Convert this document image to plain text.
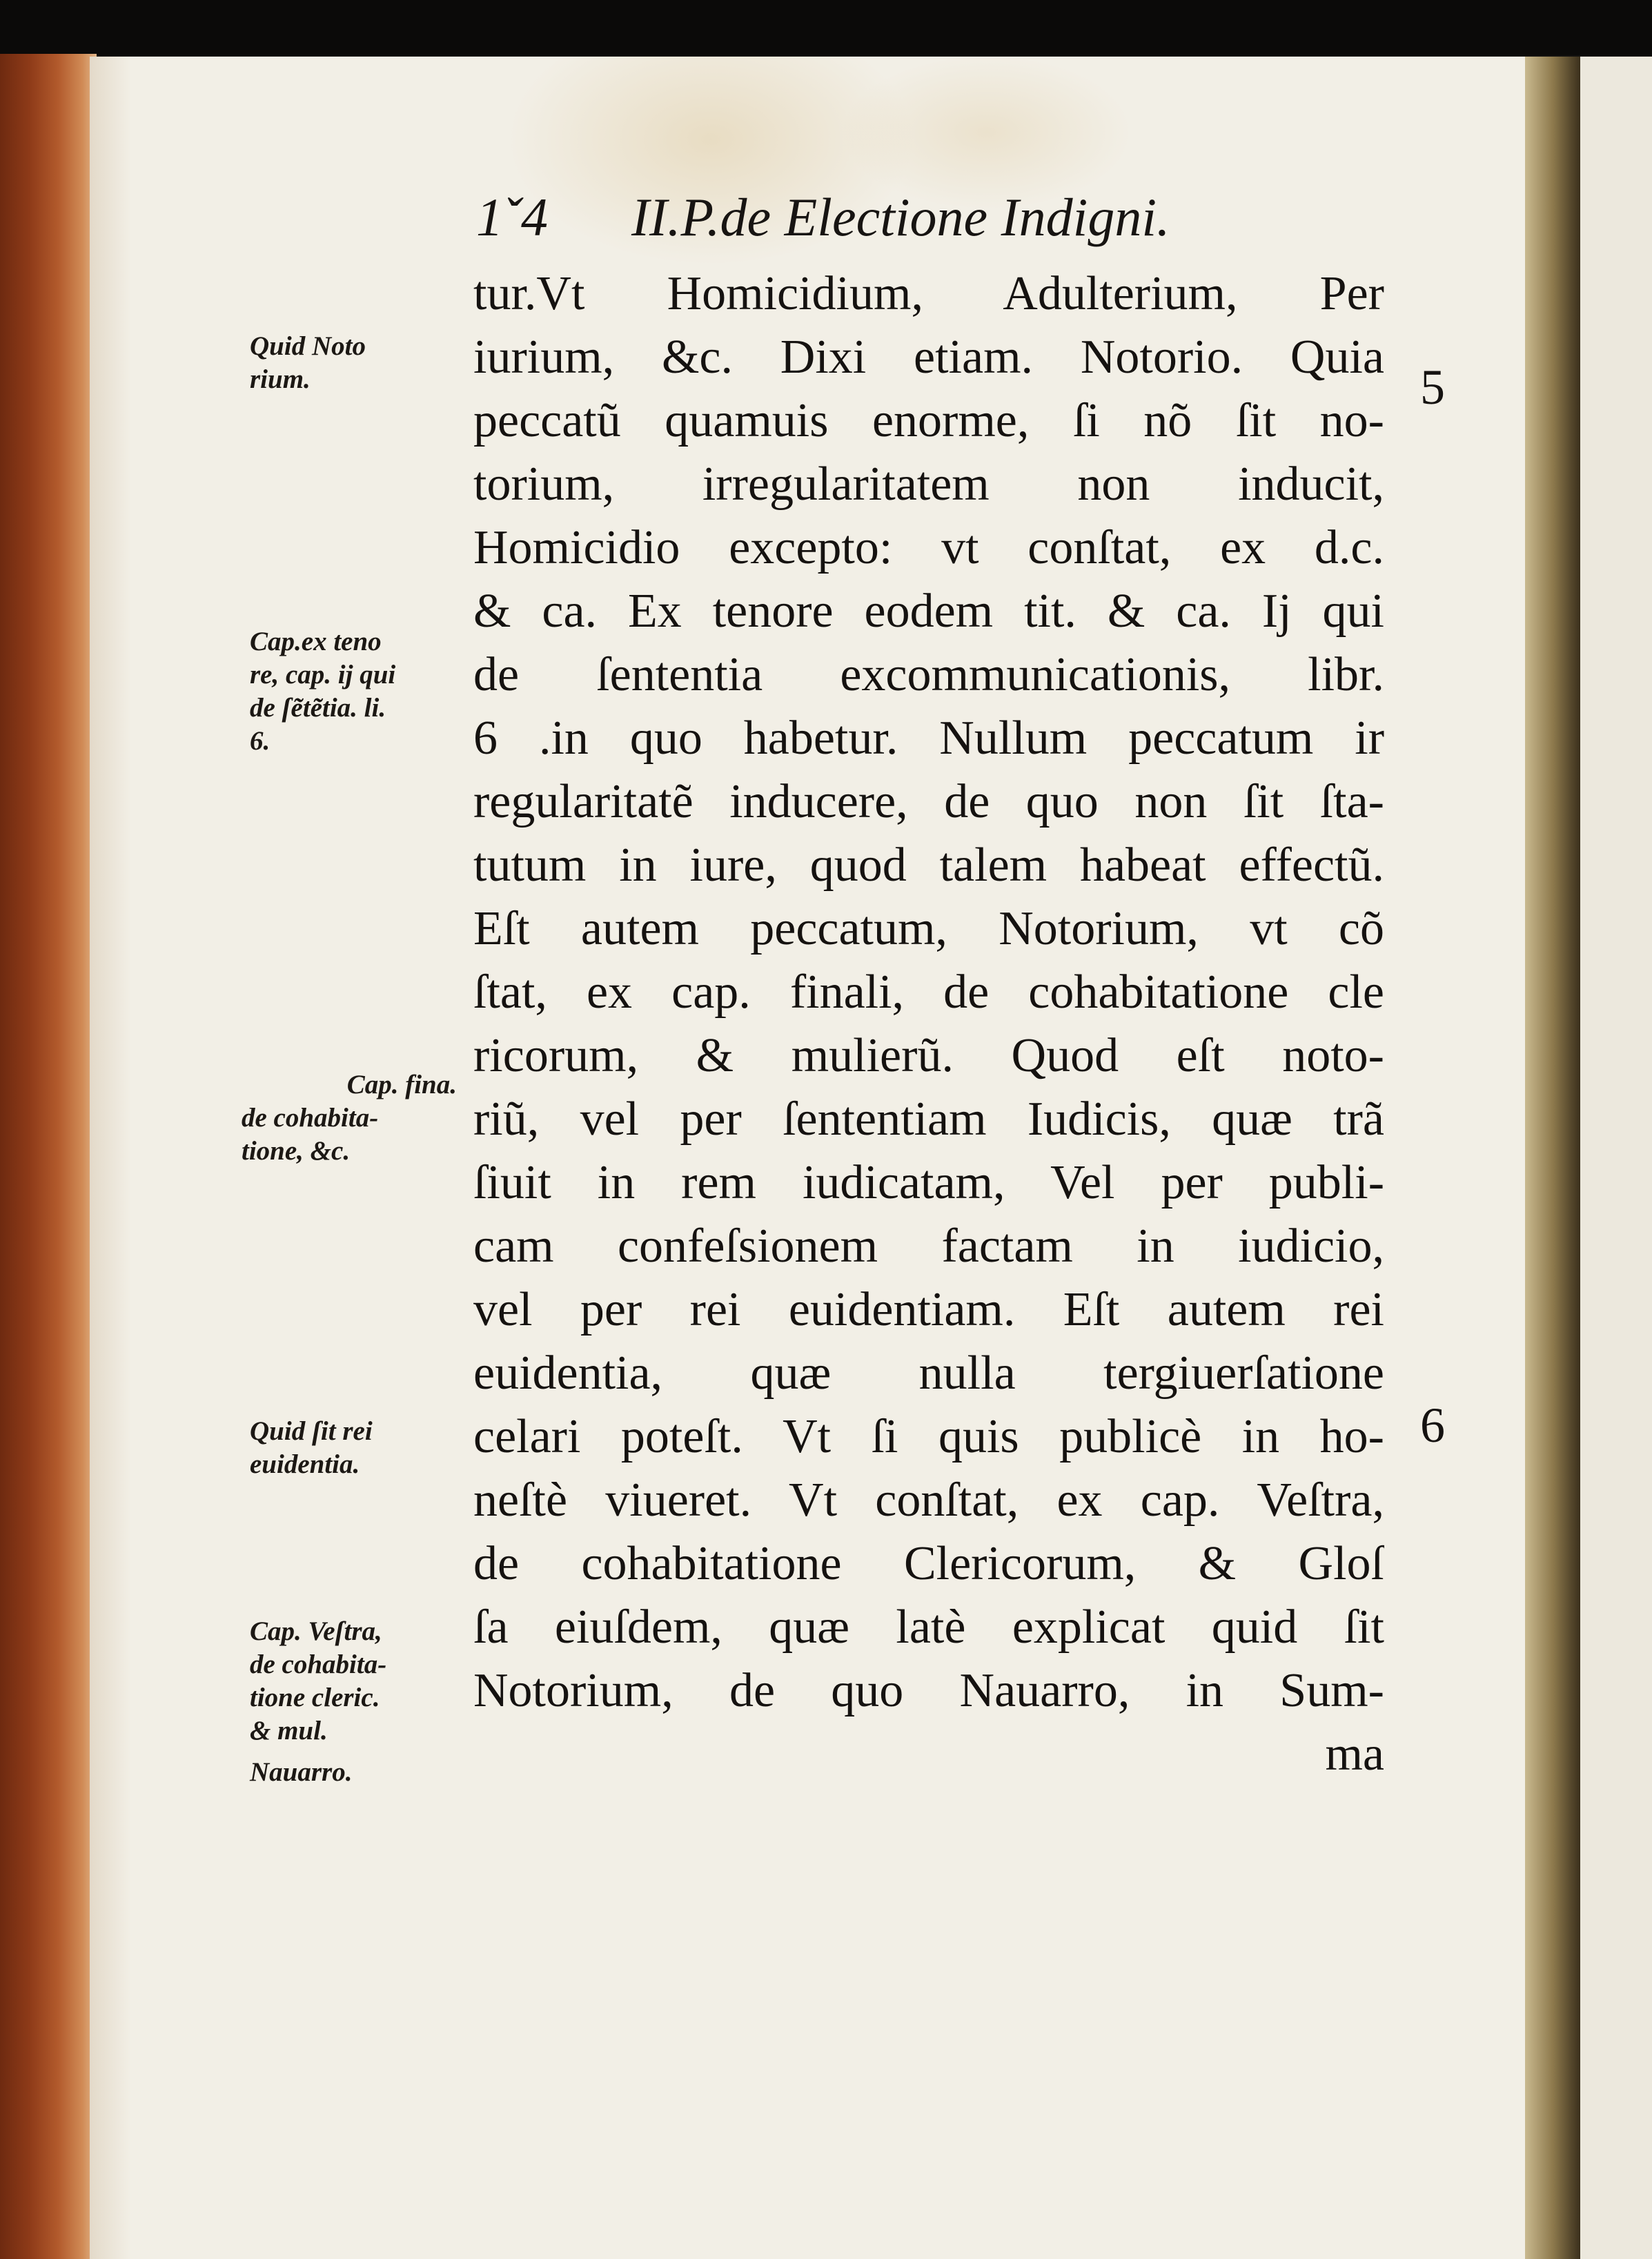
1ˇ4 II.P.de Electione Indigni.
tur.Vt Homicidium, Adulterium, Per
iurium, &c. Dixi etiam. Notorio. Quia
peccatũ quamuis enorme, ſi nõ ſit no-
torium, irregularitatem non inducit,
Homicidio excepto: vt conſtat, ex d.c.
& ca. Ex tenore eodem tit. & ca. Ij qui
de ſententia excommunicationis, libr.
6 .in quo habetur. Nullum peccatum ir
regularitatẽ inducere, de quo non ſit ſta-
tutum in iure, quod talem habeat effectũ.
Eſt autem peccatum, Notorium, vt cõ
ſtat, ex cap. finali, de cohabitatione cle
ricorum, & mulierũ. Quod eſt noto-
riũ, vel per ſententiam Iudicis, quæ trã
ſiuit in rem iudicatam, Vel per publi-
cam confeſsionem factam in iudicio,
vel per rei euidentiam. Eſt autem rei
euidentia, quæ nulla tergiuerſatione
celari poteſt. Vt ſi quis publicè in ho-
neſtè viueret. Vt conſtat, ex cap. Veſtra,
de cohabitatione Clericorum, & Gloſ
ſa eiuſdem, quæ latè explicat quid ſit
Notorium, de quo Nauarro, in Sum-
ma
Quid Noto
rium.
Cap.ex teno
re, cap. ij qui
de ſẽtẽtia. li.
6.
Cap. fina.
de cohabita-
tione, &c.
Quid ſit rei
euidentia.
Cap. Veſtra,
de cohabita-
tione cleric.
& mul.
Nauarro.
5
6
